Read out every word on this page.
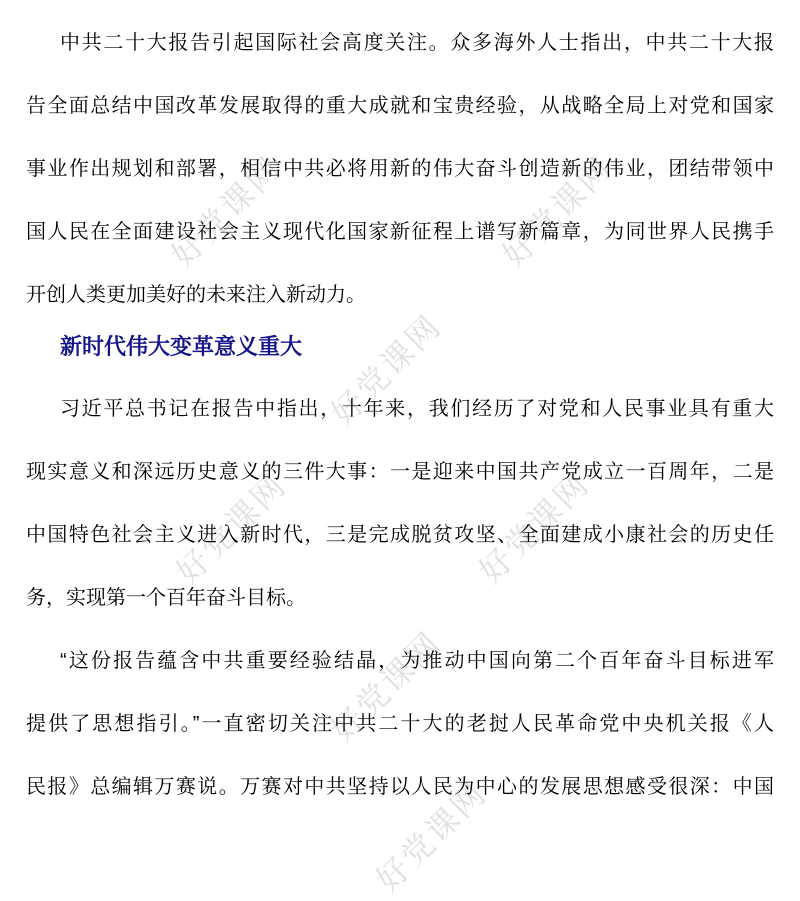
好党课网	好党课网
好党课网
好党课网	好党课网
好党课网
好党课网
中共二十大报告引起国际社会高度关注。众多海外人士指出，中共二十大报
告全面总结中国改革发展取得的重大成就和宝贵经验，从战略全局上对党和国家
事业作出规划和部署，相信中共必将用新的伟大奋斗创造新的伟业，团结带领中
国人民在全面建设社会主义现代化国家新征程上谱写新篇章，为同世界人民携手
开创人类更加美好的未来注入新动力。
新时代伟大变革意义重大
习近平总书记在报告中指出，十年来，我们经历了对党和人民事业具有重大
现实意义和深远历史意义的三件大事：一是迎来中国共产党成立一百周年，二是
中国特色社会主义进入新时代，三是完成脱贫攻坚、全面建成小康社会的历史任
务，实现第一个百年奋斗目标。
“这份报告蕴含中共重要经验结晶，为推动中国向第二个百年奋斗目标进军
提供了思想指引。”一直密切关注中共二十大的老挝人民革命党中央机关报《人
民报》总编辑万赛说。万赛对中共坚持以人民为中心的发展思想感受很深：中国
